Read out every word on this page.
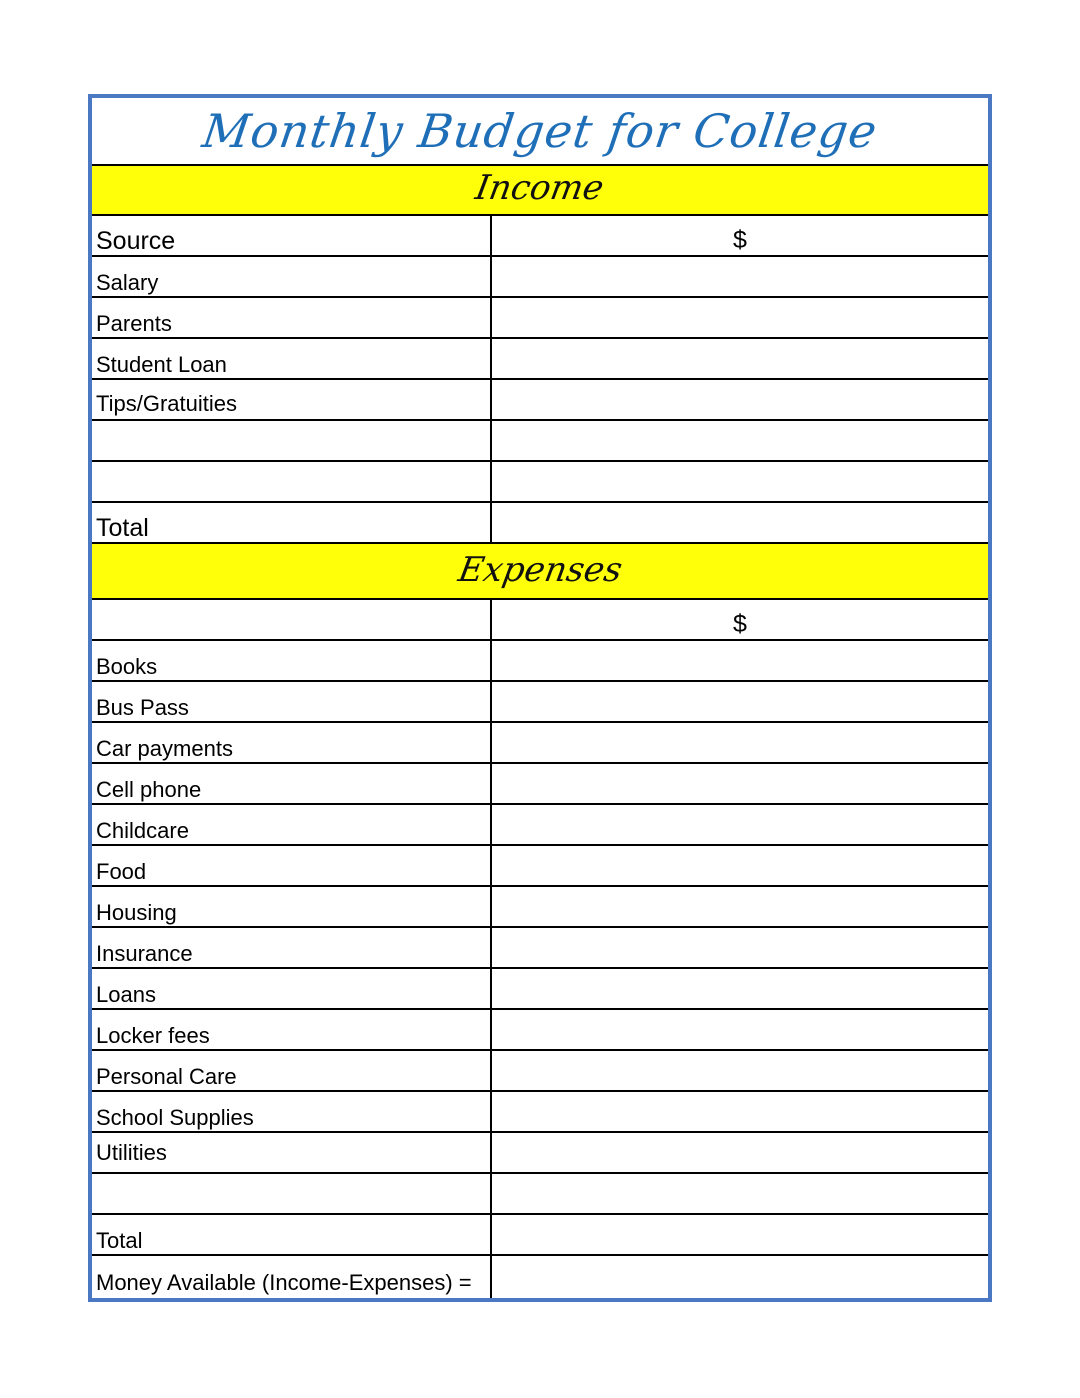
Monthly Budget for College
Income
Source	$
Salary
Parents
Student Loan
Tips/Gratuities
Total
Expenses
$
Books
Bus Pass
Car payments
Cell phone
Childcare
Food
Housing
Insurance
Loans
Locker fees
Personal Care
School Supplies
Utilities
Total
Money Available (Income-Expenses) =
